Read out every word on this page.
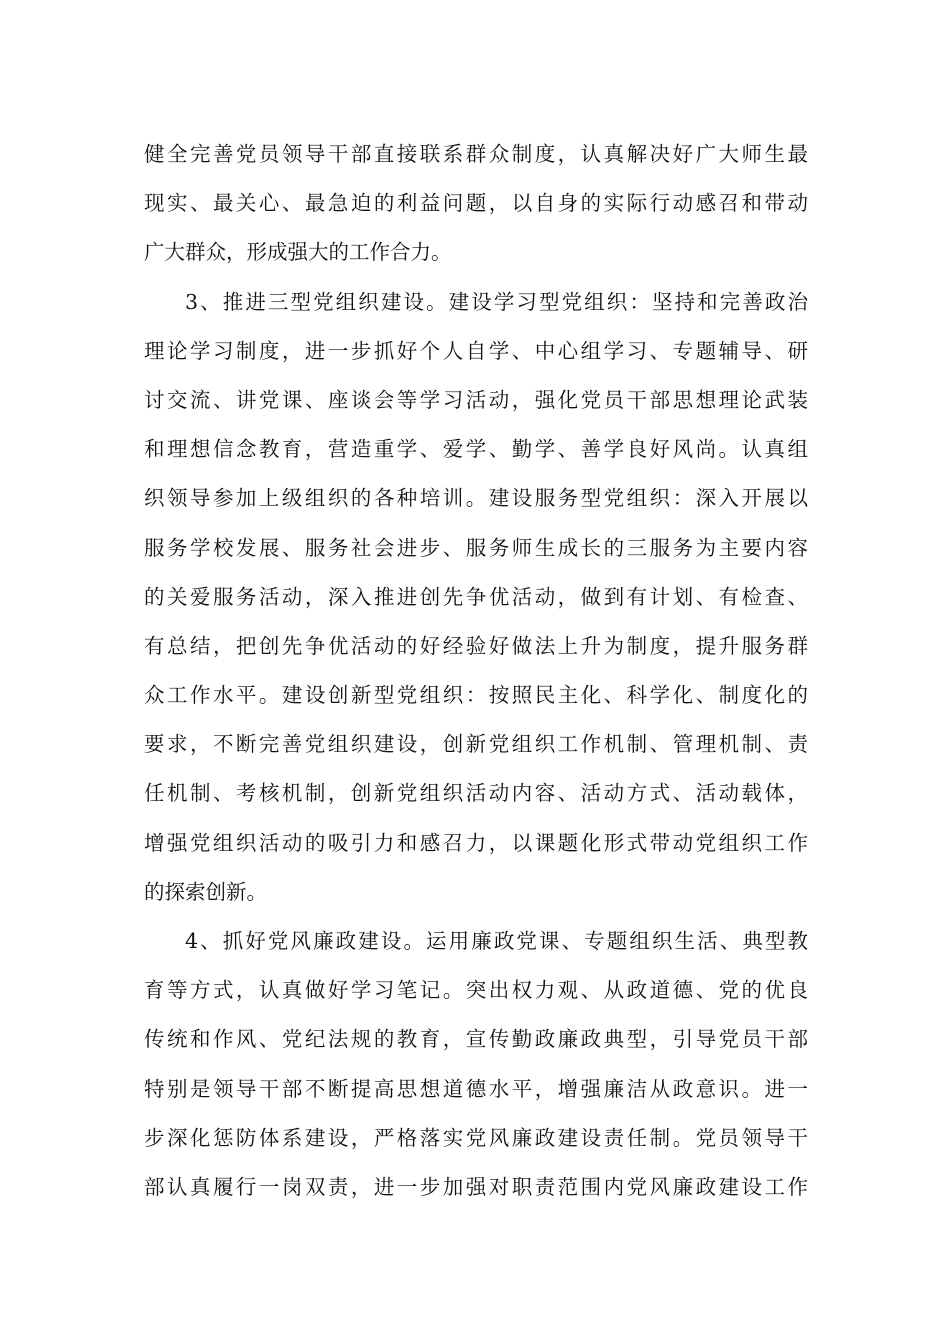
健全完善党员领导干部直接联系群众制度，认真解决好广大师生最
现实、最关心、最急迫的利益问题，以自身的实际行动感召和带动
广大群众，形成强大的工作合力。
3、推进三型党组织建设。建设学习型党组织：坚持和完善政治
理论学习制度，进一步抓好个人自学、中心组学习、专题辅导、研
讨交流、讲党课、座谈会等学习活动，强化党员干部思想理论武装
和理想信念教育，营造重学、爱学、勤学、善学良好风尚。认真组
织领导参加上级组织的各种培训。建设服务型党组织：深入开展以
服务学校发展、服务社会进步、服务师生成长的三服务为主要内容
的关爱服务活动，深入推进创先争优活动，做到有计划、有检查、
有总结，把创先争优活动的好经验好做法上升为制度，提升服务群
众工作水平。建设创新型党组织：按照民主化、科学化、制度化的
要求，不断完善党组织建设，创新党组织工作机制、管理机制、责
任机制、考核机制，创新党组织活动内容、活动方式、活动载体，
增强党组织活动的吸引力和感召力，以课题化形式带动党组织工作
的探索创新。
4、抓好党风廉政建设。运用廉政党课、专题组织生活、典型教
育等方式，认真做好学习笔记。突出权力观、从政道德、党的优良
传统和作风、党纪法规的教育，宣传勤政廉政典型，引导党员干部
特别是领导干部不断提高思想道德水平，增强廉洁从政意识。进一
步深化惩防体系建设，严格落实党风廉政建设责任制。党员领导干
部认真履行一岗双责，进一步加强对职责范围内党风廉政建设工作
